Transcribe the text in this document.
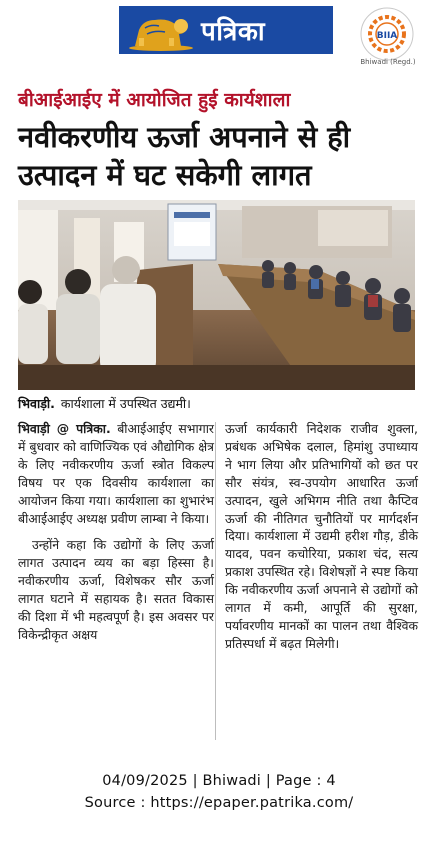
पत्रिका	BIIA
Bhiwadi (Regd.)
बीआईआईए में आयोजित हुई कार्यशाला
नवीकरणीय ऊर्जा अपनाने से ही
उत्पादन में घट सकेगी लागत
भिवाड़ी. कार्यशाला में उपस्थित उद्यमी।

भिवाड़ी @ पत्रिका. बीआईआईए सभागार में बुधवार को वाणिज्यिक एवं औद्योगिक क्षेत्र के लिए नवीकरणीय ऊर्जा स्त्रोत विकल्प विषय पर एक दिवसीय कार्यशाला का आयोजन किया गया। कार्यशाला का शुभारंभ बीआईआईए अध्यक्ष प्रवीण लाम्बा ने किया।

उन्होंने कहा कि उद्योगों के लिए ऊर्जा लागत उत्पादन व्यय का बड़ा हिस्सा है। नवीकरणीय ऊर्जा, विशेषकर सौर ऊर्जा लागत घटाने में सहायक है। सतत विकास की दिशा में भी महत्वपूर्ण है। इस अवसर पर विकेन्द्रीकृत अक्षय

ऊर्जा कार्यकारी निदेशक राजीव शुक्ला, प्रबंधक अभिषेक दलाल, हिमांशु उपाध्याय ने भाग लिया और प्रतिभागियों को छत पर सौर संयंत्र, स्व-उपयोग आधारित ऊर्जा उत्पादन, खुले अभिगम नीति तथा कैप्टिव ऊर्जा की नीतिगत चुनौतियों पर मार्गदर्शन दिया। कार्यशाला में उद्यमी हरीश गौड़, डीके यादव, पवन कचोरिया, प्रकाश चंद, सत्य प्रकाश उपस्थित रहे। विशेषज्ञों ने स्पष्ट किया कि नवीकरणीय ऊर्जा अपनाने से उद्योगों को लागत में कमी, आपूर्ति की सुरक्षा, पर्यावरणीय मानकों का पालन तथा वैश्विक प्रतिस्पर्धा में बढ़त मिलेगी।

04/09/2025 | Bhiwadi | Page : 4
Source : https://epaper.patrika.com/
